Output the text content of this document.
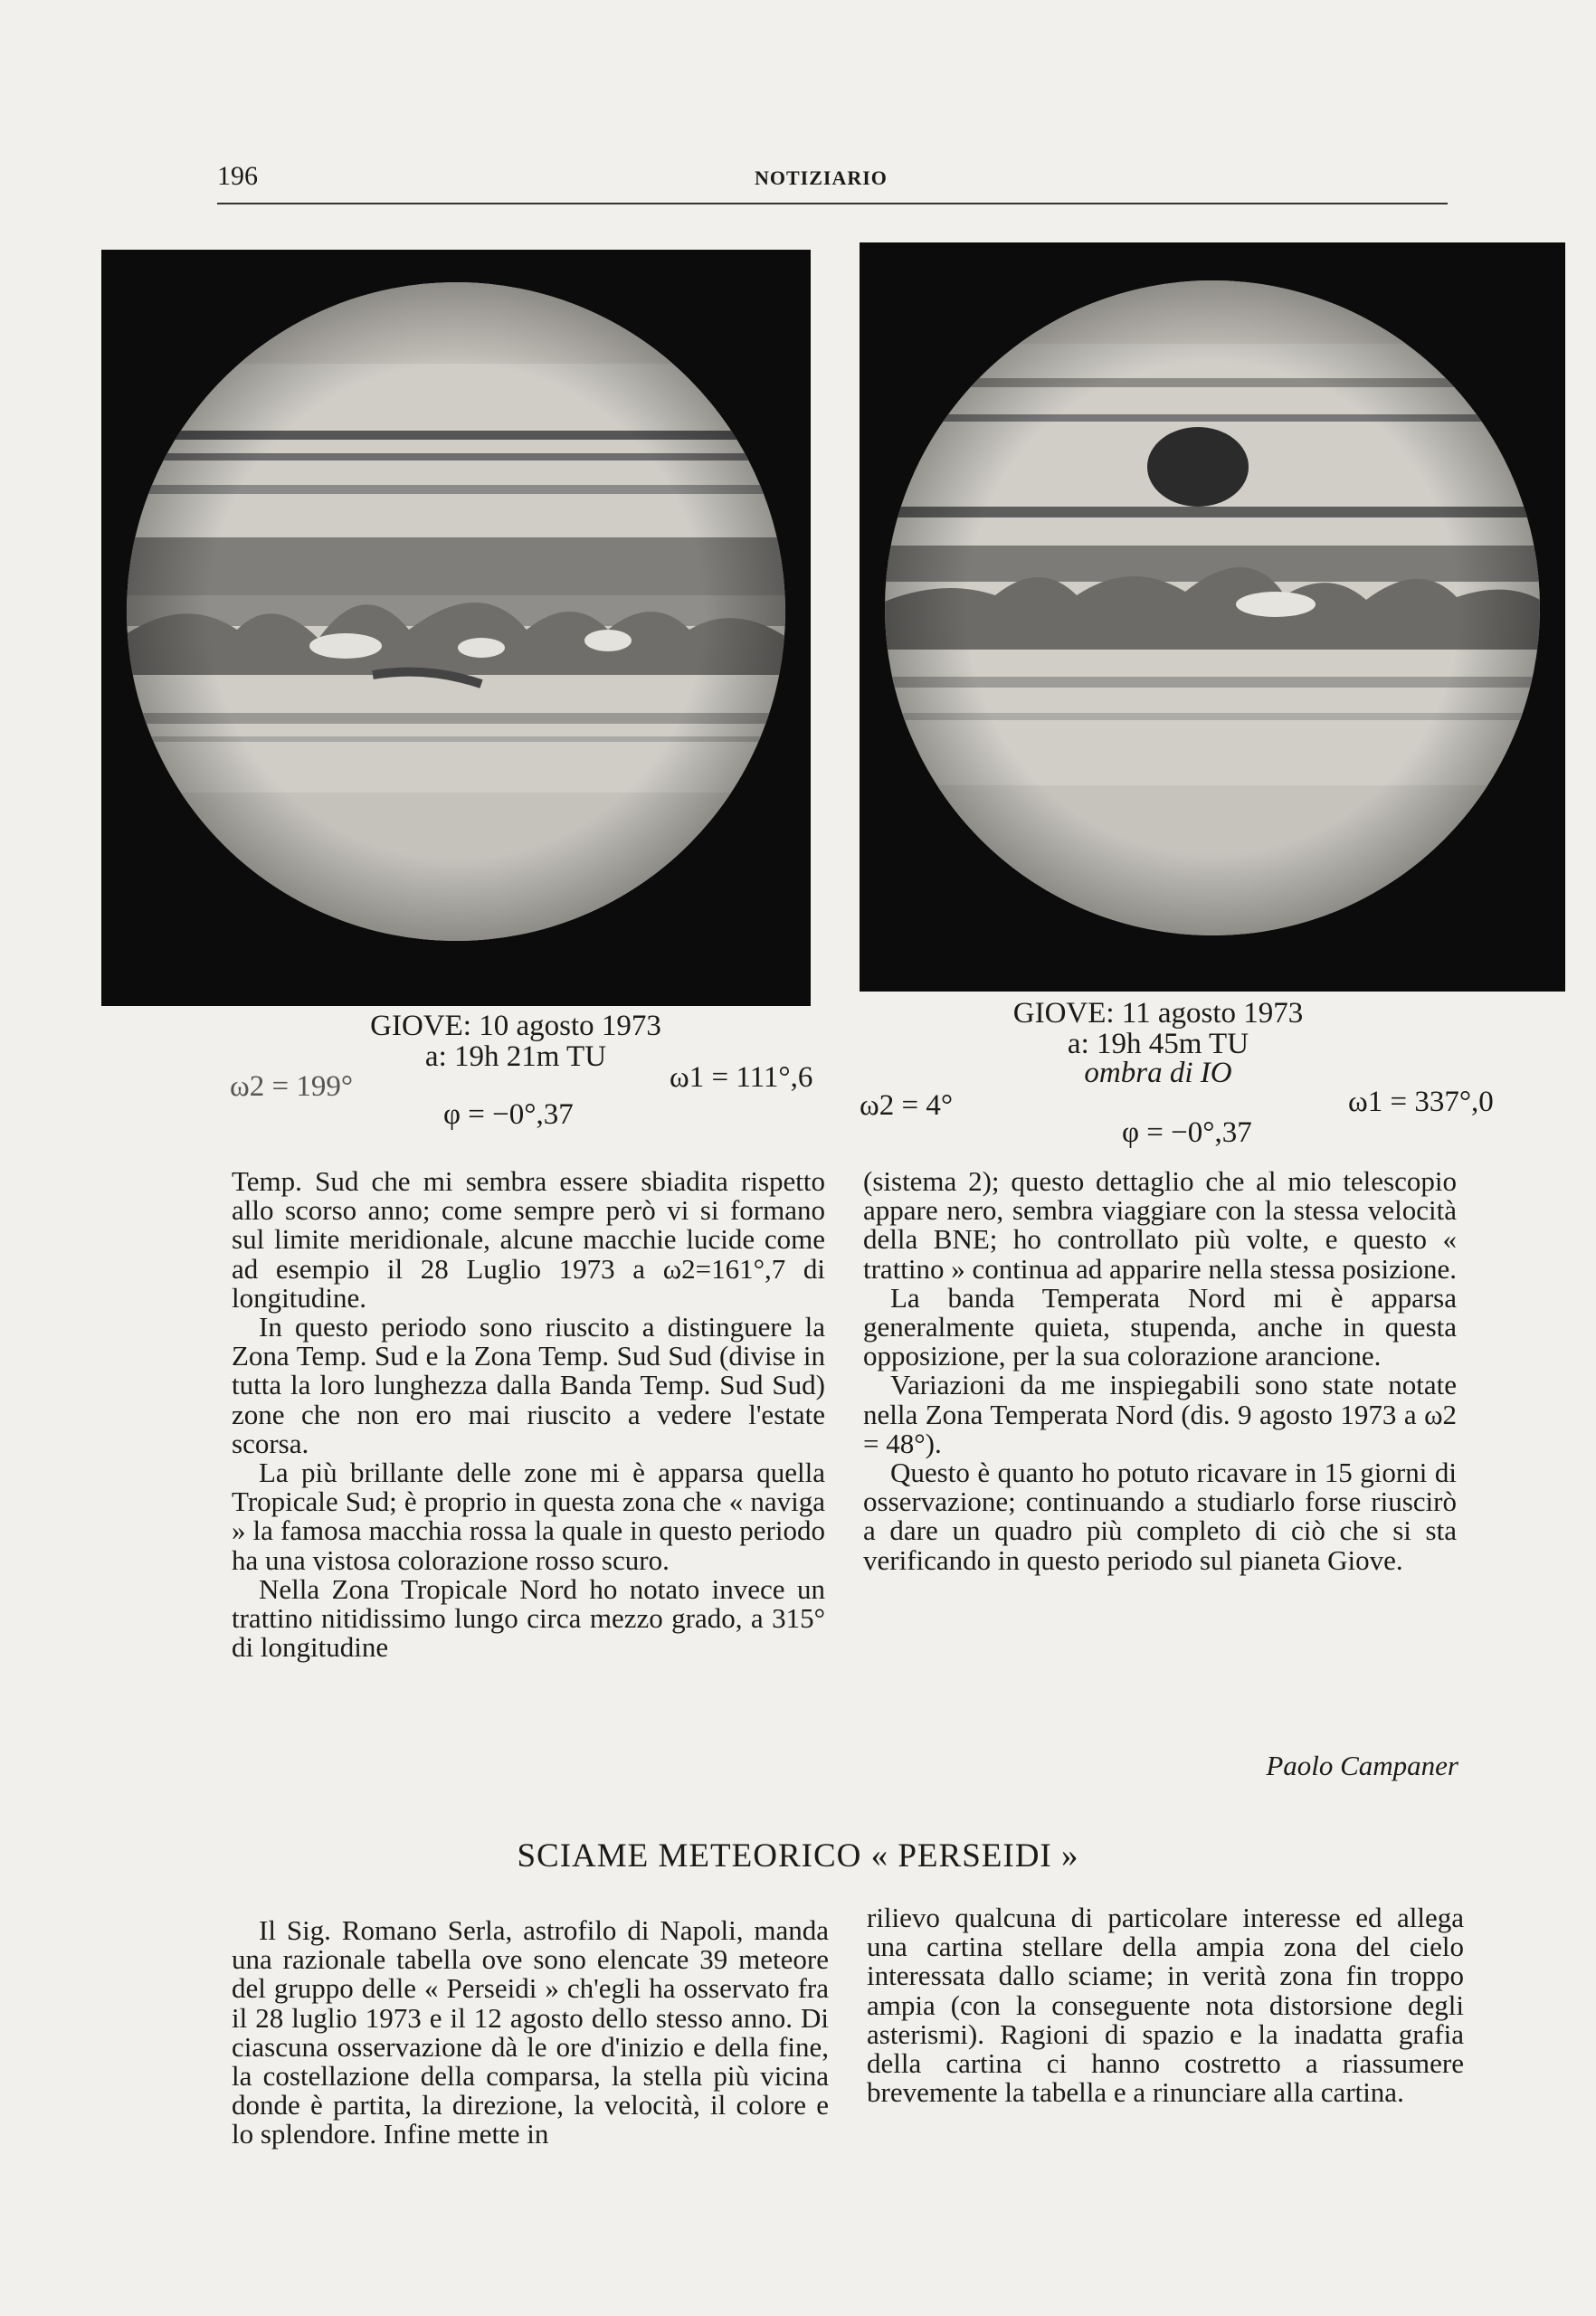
196	NOTIZIARIO
GIOVE: 10 agosto 1973
a: 19h 21m TU
ω2 = 199°	ω1 = 111°,6
φ = −0°,37
GIOVE: 11 agosto 1973
a: 19h 45m TU
ombra di IO
ω2 = 4°	ω1 = 337°,0
φ = −0°,37

Temp. Sud che mi sembra essere sbiadita rispetto allo scorso anno; come sempre però vi si formano sul limite meridionale, alcune macchie lucide come ad esempio il 28 Luglio 1973 a ω2=161°,7 di longitudine.

In questo periodo sono riuscito a distinguere la Zona Temp. Sud e la Zona Temp. Sud Sud (divise in tutta la loro lunghezza dalla Banda Temp. Sud Sud) zone che non ero mai riuscito a vedere l'estate scorsa.

La più brillante delle zone mi è apparsa quella Tropicale Sud; è proprio in questa zona che « naviga » la famosa macchia rossa la quale in questo periodo ha una vistosa colorazione rosso scuro.

Nella Zona Tropicale Nord ho notato invece un trattino nitidissimo lungo circa mezzo grado, a 315° di longitudine

(sistema 2); questo dettaglio che al mio telescopio appare nero, sembra viaggiare con la stessa velocità della BNE; ho controllato più volte, e questo « trattino » continua ad apparire nella stessa posizione.

La banda Temperata Nord mi è apparsa generalmente quieta, stupenda, anche in questa opposizione, per la sua colorazione arancione.

Variazioni da me inspiegabili sono state notate nella Zona Temperata Nord (dis. 9 agosto 1973 a ω2 = 48°).

Questo è quanto ho potuto ricavare in 15 giorni di osservazione; continuando a studiarlo forse riuscirò a dare un quadro più completo di ciò che si sta verificando in questo periodo sul pianeta Giove.

Paolo Campaner
SCIAME METEORICO « PERSEIDI »

Il Sig. Romano Serla, astrofilo di Napoli, manda una razionale tabella ove sono elencate 39 meteore del gruppo delle « Perseidi » ch'egli ha osservato fra il 28 luglio 1973 e il 12 agosto dello stesso anno. Di ciascuna osservazione dà le ore d'inizio e della fine, la costellazione della comparsa, la stella più vicina donde è partita, la direzione, la velocità, il colore e lo splendore. Infine mette in

rilievo qualcuna di particolare interesse ed allega una cartina stellare della ampia zona del cielo interessata dallo sciame; in verità zona fin troppo ampia (con la conseguente nota distorsione degli asterismi). Ragioni di spazio e la inadatta grafia della cartina ci hanno costretto a riassumere brevemente la tabella e a rinunciare alla cartina.
